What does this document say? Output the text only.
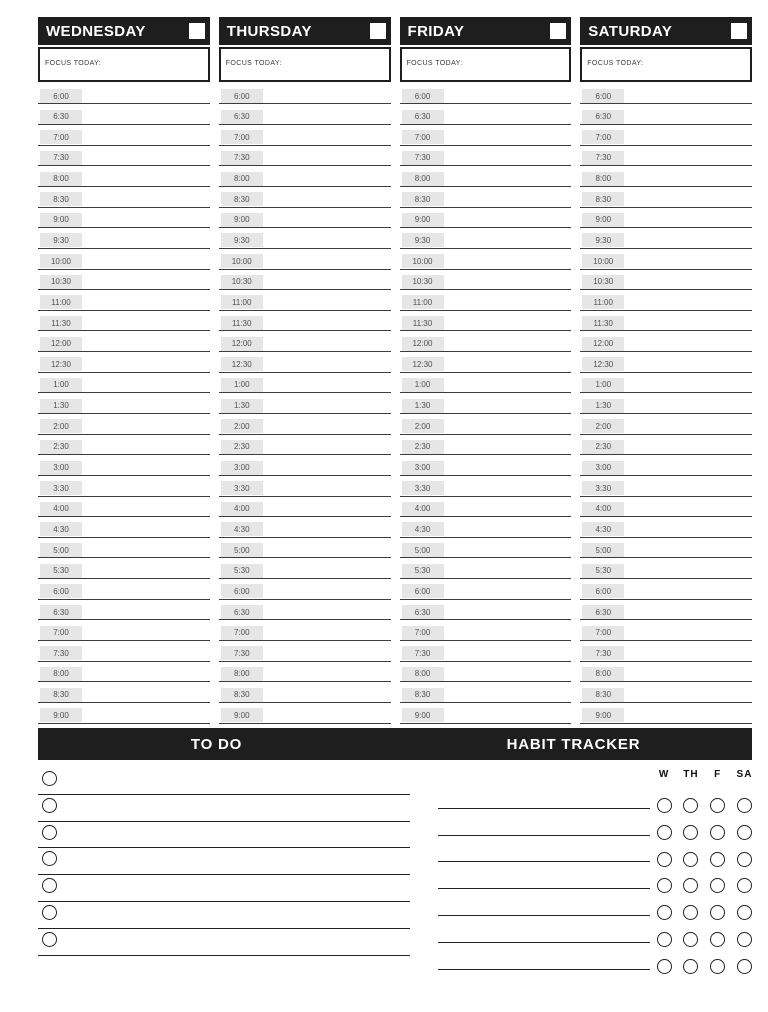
WEDNESDAY
FOCUS TODAY:
6:00
6:30
7:00
7:30
8:00
8:30
9:00
9:30
10:00
10:30
11:00
11:30
12:00
12:30
1:00
1:30
2:00
2:30
3:00
3:30
4:00
4:30
5:00
5:30
6:00
6:30
7:00
7:30
8:00
8:30
9:00
THURSDAY
FOCUS TODAY:
6:00
6:30
7:00
7:30
8:00
8:30
9:00
9:30
10:00
10:30
11:00
11:30
12:00
12:30
1:00
1:30
2:00
2:30
3:00
3:30
4:00
4:30
5:00
5:30
6:00
6:30
7:00
7:30
8:00
8:30
9:00
FRIDAY
FOCUS TODAY:
6:00
6:30
7:00
7:30
8:00
8:30
9:00
9:30
10:00
10:30
11:00
11:30
12:00
12:30
1:00
1:30
2:00
2:30
3:00
3:30
4:00
4:30
5:00
5:30
6:00
6:30
7:00
7:30
8:00
8:30
9:00
SATURDAY
FOCUS TODAY:
6:00
6:30
7:00
7:30
8:00
8:30
9:00
9:30
10:00
10:30
11:00
11:30
12:00
12:30
1:00
1:30
2:00
2:30
3:00
3:30
4:00
4:30
5:00
5:30
6:00
6:30
7:00
7:30
8:00
8:30
9:00
TO DO	HABIT TRACKER
W TH F SA
